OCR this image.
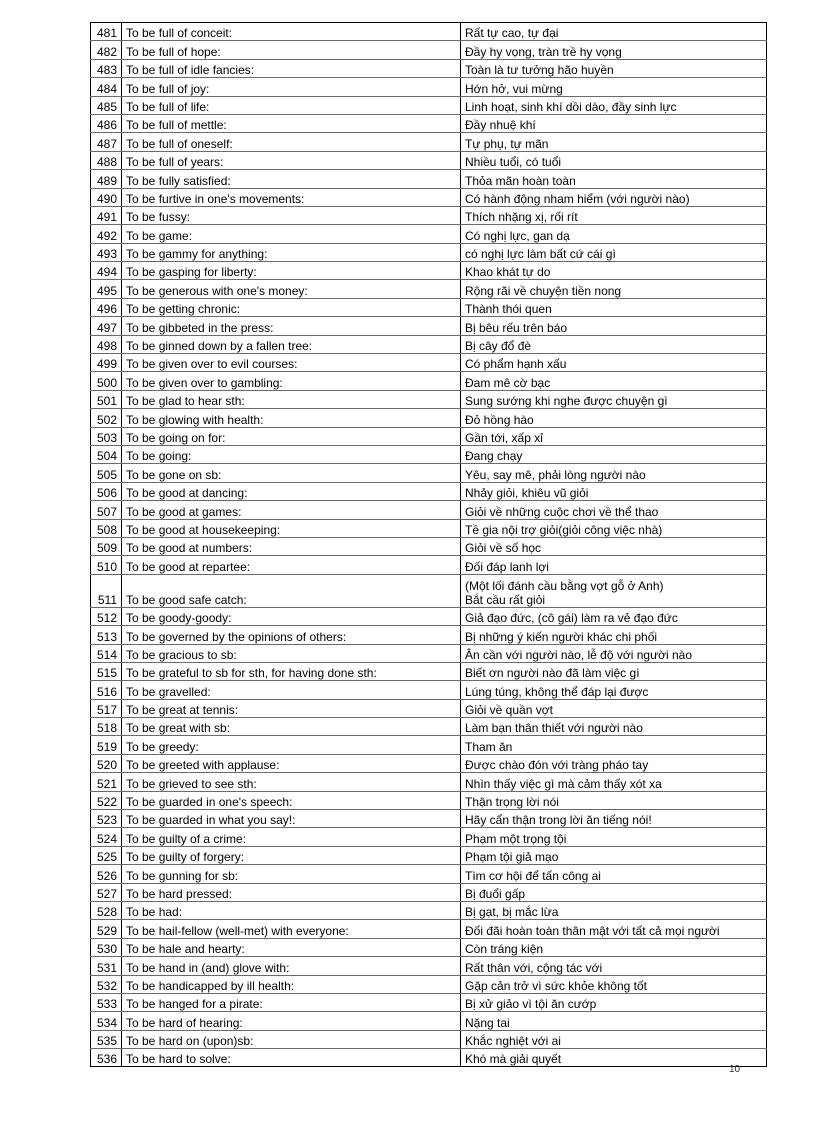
481	To be full of conceit:	Rất tự cao, tự đại
482	To be full of hope:	Đầy hy vọng, tràn trề hy vọng
483	To be full of idle fancies:	Toàn là tư tưởng hão huyền
484	To be full of joy:	Hớn hở, vui mừng
485	To be full of life:	Linh hoạt, sinh khí dồi dào, đầy sinh lực
486	To be full of mettle:	Đầy nhuệ khí
487	To be full of oneself:	Tự phụ, tự mãn
488	To be full of years:	Nhiều tuổi, có tuổi
489	To be fully satisfied:	Thỏa mãn hoàn toàn
490	To be furtive in one's movements:	Có hành động nham hiểm (với người nào)
491	To be fussy:	Thích nhặng xị, rối rít
492	To be game:	Có nghị lực, gan dạ
493	To be gammy for anything:	có nghị lực làm bất cứ cái gì
494	To be gasping for liberty:	Khao khát tự do
495	To be generous with one's money:	Rộng rãi về chuyện tiền nong
496	To be getting chronic:	Thành thói quen
497	To be gibbeted in the press:	Bị bêu rếu trên báo
498	To be ginned down by a fallen tree:	Bị cây đổ đè
499	To be given over to evil courses:	Có phẩm hạnh xấu
500	To be given over to gambling:	Đam mê cờ bạc
501	To be glad to hear sth:	Sung sướng khi nghe được chuyện gì
502	To be glowing with health:	Đỏ hồng hào
503	To be going on for:	Gần tới, xấp xỉ
504	To be going:	Đang chạy
505	To be gone on sb:	Yêu, say mê, phải lòng người nào
506	To be good at dancing:	Nhảy giỏi, khiêu vũ giỏi
507	To be good at games:	Giỏi về những cuộc chơi về thể thao
508	To be good at housekeeping:	Tề gia nội trợ giỏi(giỏi công việc nhà)
509	To be good at numbers:	Giỏi về số học
510	To be good at repartee:	Đối đáp lanh lợi
511	To be good safe catch:	(Một lối đánh cầu bằng vợt gỗ ở Anh)
Bắt cầu rất giỏi
512	To be goody-goody:	Giả đạo đức, (cô gái) làm ra vẻ đạo đức
513	To be governed by the opinions of others:	Bị những ý kiến người khác chi phối
514	To be gracious to sb:	Ân cần với người nào, lễ độ với người nào
515	To be grateful to sb for sth, for having done sth:	Biết ơn người nào đã làm việc gì
516	To be gravelled:	Lúng túng, không thể đáp lại được
517	To be great at tennis:	Giỏi về quần vợt
518	To be great with sb:	Làm bạn thân thiết với người nào
519	To be greedy:	Tham ăn
520	To be greeted with applause:	Được chào đón với tràng pháo tay
521	To be grieved to see sth:	Nhìn thấy việc gì mà cảm thấy xót xa
522	To be guarded in one's speech:	Thận trọng lời nói
523	To be guarded in what you say!:	Hãy cẩn thận trong lời ăn tiếng nói!
524	To be guilty of a crime:	Phạm một trọng tội
525	To be guilty of forgery:	Phạm tội giả mạo
526	To be gunning for sb:	Tìm cơ hội để tấn công ai
527	To be hard pressed:	Bị đuổi gấp
528	To be had:	Bị gạt, bị mắc lừa
529	To be hail-fellow (well-met) with everyone:	Đối đãi hoàn toàn thân mật với tất cả mọi người
530	To be hale and hearty:	Còn tráng kiện
531	To be hand in (and) glove with:	Rất thân với, cộng tác với
532	To be handicapped by ill health:	Gặp cản trở vì sức khỏe không tốt
533	To be hanged for a pirate:	Bị xử giảo vì tội ăn cướp
534	To be hard of hearing:	Nặng tai
535	To be hard on (upon)sb:	Khắc nghiệt với ai
536	To be hard to solve:	Khó mà giải quyết
10
